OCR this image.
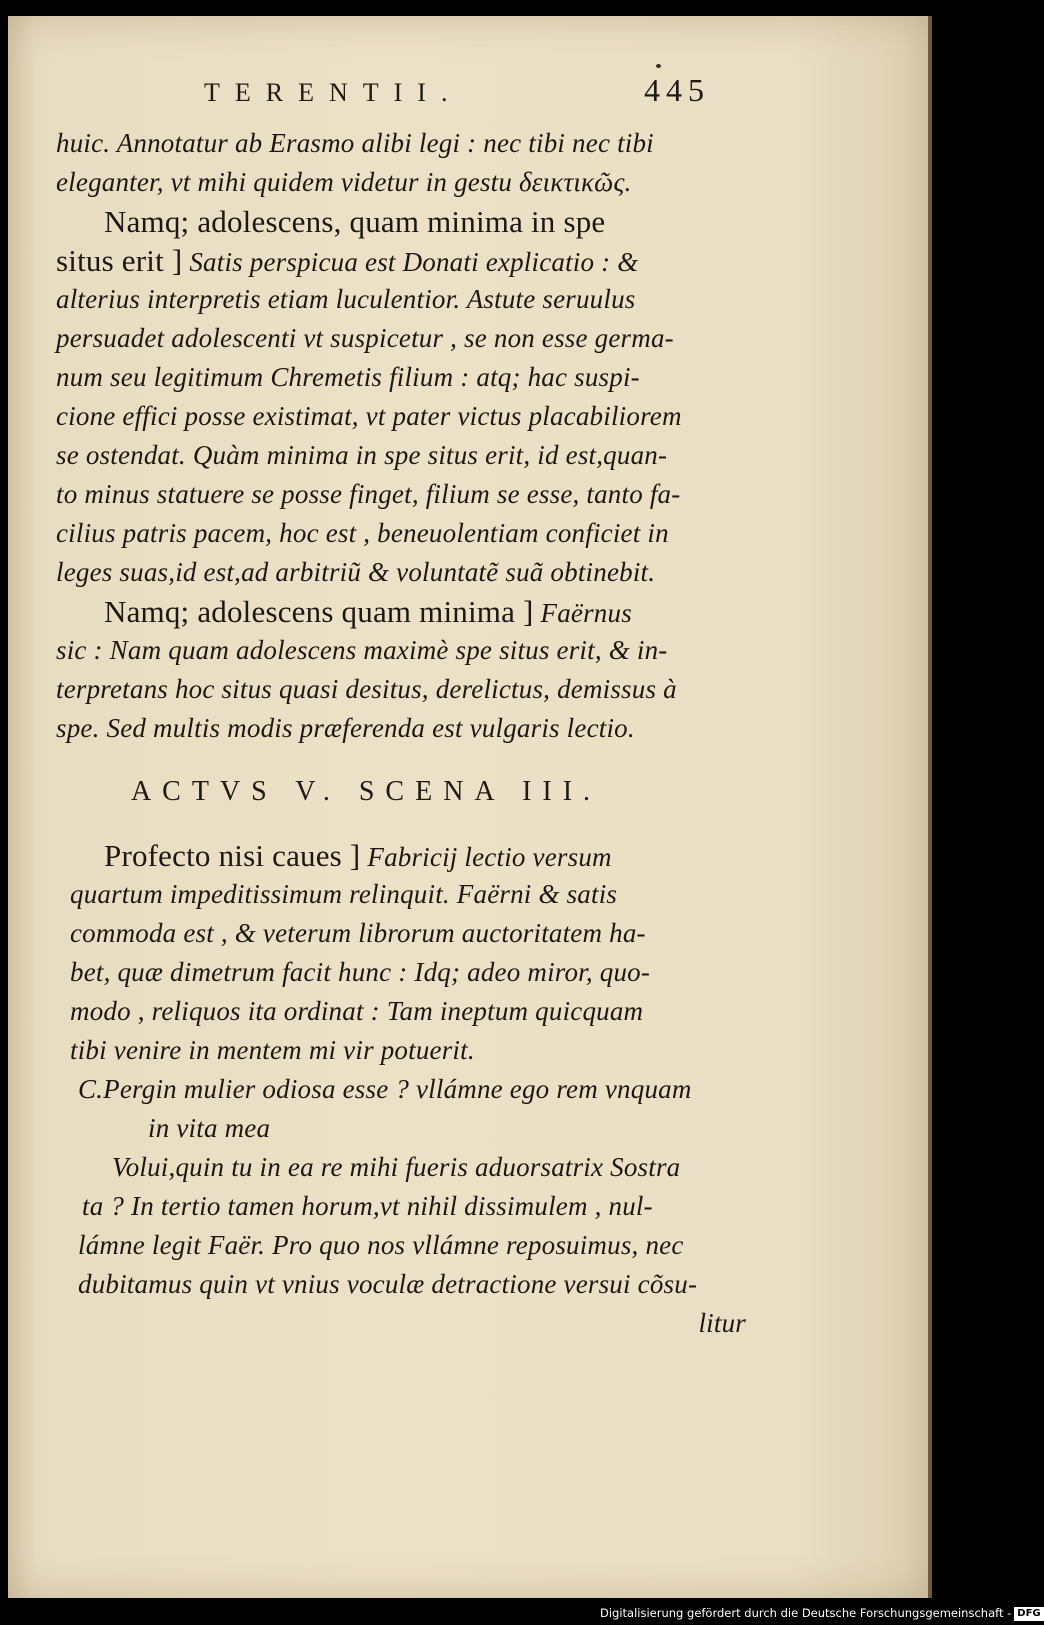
TERENTII.	445
huic. Annotatur ab Erasmo alibi legi : nec tibi nec tibi
eleganter, vt mihi quidem videtur in gestu δεικτικῶς.
Namq; adolescens, quam minima in spe
situs erit ] Satis perspicua est Donati explicatio : &
alterius interpretis etiam luculentior. Astute seruulus
persuadet adolescenti vt suspicetur , se non esse germa-
num seu legitimum Chremetis filium : atq; hac suspi-
cione effici posse existimat, vt pater victus placabiliorem
se ostendat. Quàm minima in spe situs erit, id est,quan-
to minus statuere se posse finget, filium se esse, tanto fa-
cilius patris pacem, hoc est , beneuolentiam conficiet in
leges suas,id est,ad arbitriũ & voluntatẽ suã obtinebit.
Namq; adolescens quam minima ] Faërnus
sic : Nam quam adolescens maximè spe situs erit, & in-
terpretans hoc situs quasi desitus, derelictus, demissus à
spe. Sed multis modis præferenda est vulgaris lectio.
ACTVS V. SCENA III.
Profecto nisi caues ] Fabricij lectio versum
quartum impeditissimum relinquit. Faërni & satis
commoda est , & veterum librorum auctoritatem ha-
bet, quæ dimetrum facit hunc : Idq; adeo miror, quo-
modo , reliquos ita ordinat : Tam ineptum quicquam
tibi venire in mentem mi vir potuerit.
C.Pergin mulier odiosa esse ? vllámne ego rem vnquam
in vita mea
Volui,quin tu in ea re mihi fueris aduorsatrix Sostra
ta ? In tertio tamen horum,vt nihil dissimulem , nul-
lámne legit Faër. Pro quo nos vllámne reposuimus, nec
dubitamus quin vt vnius voculæ detractione versui cõsu-
litur
Digitalisierung gefördert durch die Deutsche Forschungsgemeinschaft - DFG
